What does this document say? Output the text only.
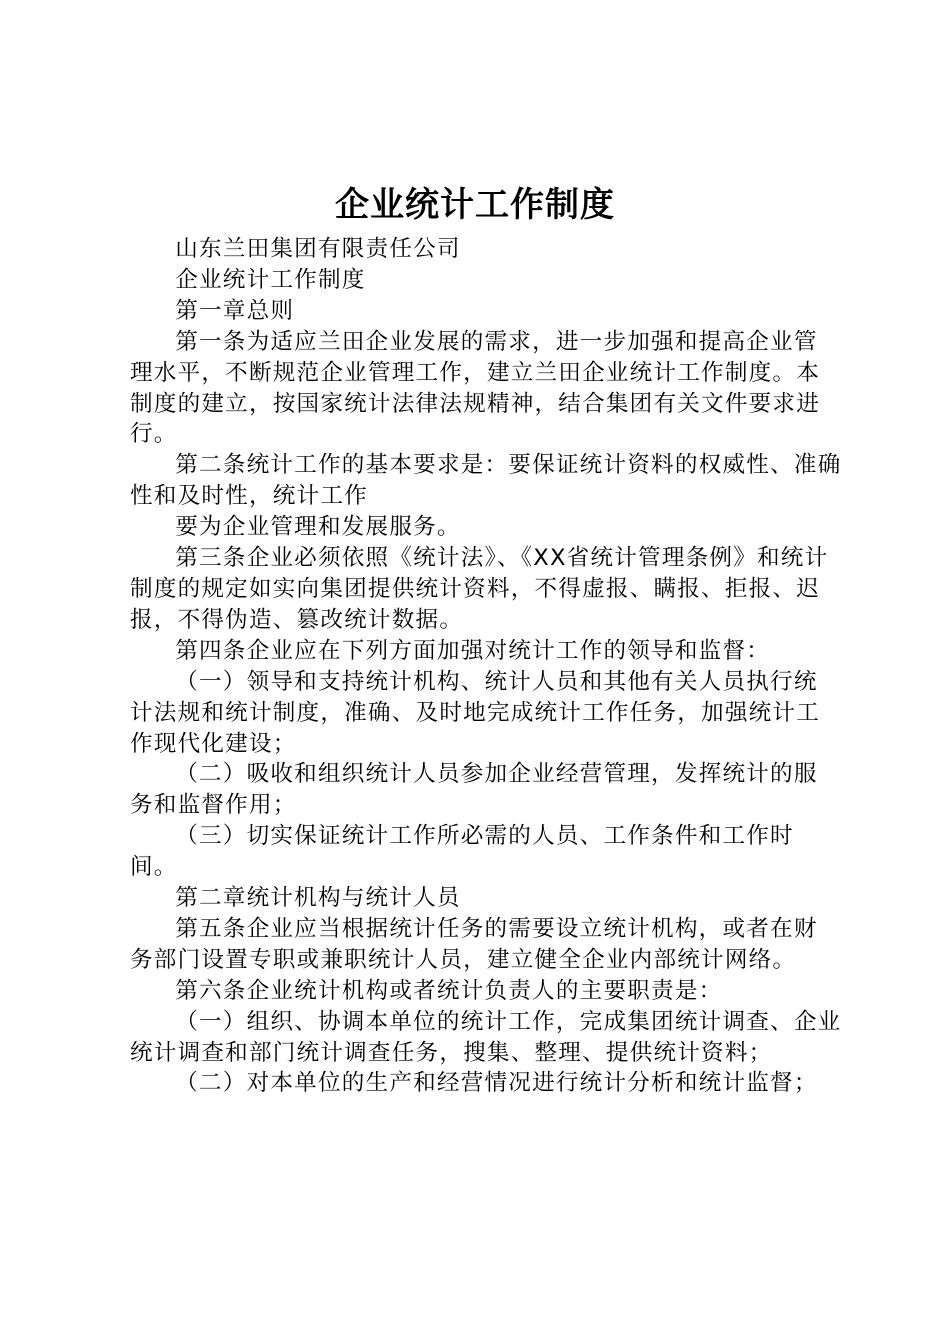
企业统计工作制度

山东兰田集团有限责任公司

企业统计工作制度

第一章总则

第一条为适应兰田企业发展的需求，进一步加强和提高企业管理水平，不断规范企业管理工作，建立兰田企业统计工作制度。本制度的建立，按国家统计法律法规精神，结合集团有关文件要求进行。

第二条统计工作的基本要求是：要保证统计资料的权威性、准确性和及时性，统计工作

要为企业管理和发展服务。

第三条企业必须依照《统计法》、《XX省统计管理条例》和统计制度的规定如实向集团提供统计资料，不得虚报、瞒报、拒报、迟报，不得伪造、篡改统计数据。

第四条企业应在下列方面加强对统计工作的领导和监督：

（一）领导和支持统计机构、统计人员和其他有关人员执行统计法规和统计制度，准确、及时地完成统计工作任务，加强统计工作现代化建设；

（二）吸收和组织统计人员参加企业经营管理，发挥统计的服务和监督作用；

（三）切实保证统计工作所必需的人员、工作条件和工作时间。

第二章统计机构与统计人员

第五条企业应当根据统计任务的需要设立统计机构，或者在财务部门设置专职或兼职统计人员，建立健全企业内部统计网络。

第六条企业统计机构或者统计负责人的主要职责是：

（一）组织、协调本单位的统计工作，完成集团统计调查、企业统计调查和部门统计调查任务，搜集、整理、提供统计资料；

（二）对本单位的生产和经营情况进行统计分析和统计监督；
